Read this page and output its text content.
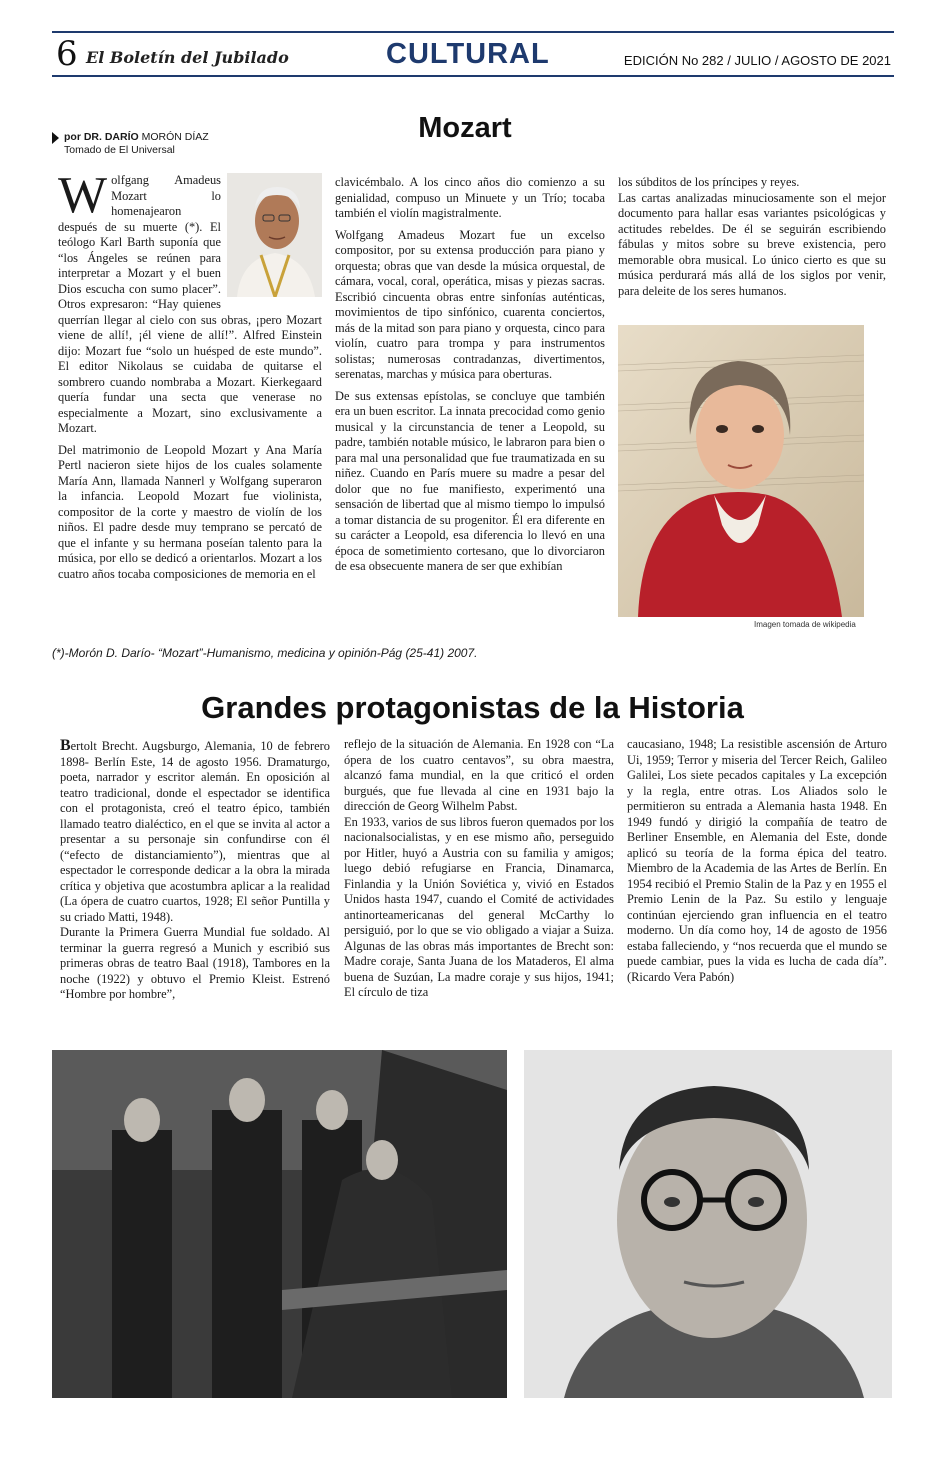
6 El Boletín del Jubilado	CULTURAL	EDICIÓN No 282 / JULIO / AGOSTO DE 2021
por DR. DARÍO MORÓN DÍAZ
Tomado de El Universal
Mozart
W olfgang Amadeus Mozart lo homenajearon después de su muerte (*). El teólogo Karl Barth suponía que “los Ángeles se reúnen para interpretar a Mozart y el buen Dios escucha con sumo placer”. Otros expresaron: “Hay quienes querrían llegar al cielo con sus obras, ¡pero Mozart viene de allí!, ¡él viene de allí!”. Alfred Einstein dijo: Mozart fue “solo un huésped de este mundo”. El editor Nikolaus se cuidaba de quitarse el sombrero cuando nombraba a Mozart. Kierkegaard quería fundar una secta que venerase no especialmente a Mozart, sino exclusivamente a Mozart.

Del matrimonio de Leopold Mozart y Ana María Pertl nacieron siete hijos de los cuales solamente María Ann, llamada Nannerl y Wolfgang superaron la infancia. Leopold Mozart fue violinista, compositor de la corte y maestro de violín de los niños. El padre desde muy temprano se percató de que el infante y su hermana poseían talento para la música, por ello se dedicó a orientarlos. Mozart a los cuatro años tocaba composiciones de memoria en el

clavicémbalo. A los cinco años dio comienzo a su genialidad, compuso un Minuete y un Trío; tocaba también el violín magistralmente.

Wolfgang Amadeus Mozart fue un excelso compositor, por su extensa producción para piano y orquesta; obras que van desde la música orquestal, de cámara, vocal, coral, operática, misas y piezas sacras. Escribió cincuenta obras entre sinfonías auténticas, movimientos de tipo sinfónico, cuarenta conciertos, más de la mitad son para piano y orquesta, cinco para violín, cuatro para trompa y para instrumentos solistas; numerosas contradanzas, divertimentos, serenatas, marchas y música para oberturas.

De sus extensas epístolas, se concluye que también era un buen escritor. La innata precocidad como genio musical y la circunstancia de tener a Leopold, su padre, también notable músico, le labraron para bien o para mal una personalidad que fue traumatizada en su niñez. Cuando en París muere su madre a pesar del dolor que no fue manifiesto, experimentó una sensación de libertad que al mismo tiempo lo impulsó a tomar distancia de su progenitor. Él era diferente en su carácter a Leopold, esa diferencia lo llevó en una época de sometimiento cortesano, que lo divorciaron de esa obsecuente manera de ser que exhibían

los súbditos de los príncipes y reyes.

Las cartas analizadas minuciosamente son el mejor documento para hallar esas variantes psicológicas y actitudes rebeldes. De él se seguirán escribiendo fábulas y mitos sobre su breve existencia, pero memorable obra musical. Lo único cierto es que su música perdurará más allá de los siglos por venir, para deleite de los seres humanos.

Imagen tomada de wikipedia
(*)-Morón D. Darío- “Mozart”-Humanismo, medicina y opinión-Pág (25-41) 2007.
Grandes protagonistas de la Historia

Bertolt Brecht. Augsburgo, Alemania, 10 de febrero 1898- Berlín Este, 14 de agosto 1956. Dramaturgo, poeta, narrador y escritor alemán. En oposición al teatro tradicional, donde el espectador se identifica con el protagonista, creó el teatro épico, también llamado teatro dialéctico, en el que se invita al actor a presentar a su personaje sin confundirse con él (“efecto de distanciamiento”), mientras que al espectador le corresponde dedicar a la obra la mirada crítica y objetiva que acostumbra aplicar a la realidad (La ópera de cuatro cuartos, 1928; El señor Puntilla y su criado Matti, 1948).

Durante la Primera Guerra Mundial fue soldado. Al terminar la guerra regresó a Munich y escribió sus primeras obras de teatro Baal (1918), Tambores en la noche (1922) y obtuvo el Premio Kleist. Estrenó “Hombre por hombre”,

reflejo de la situación de Alemania. En 1928 con “La ópera de los cuatro centavos”, su obra maestra, alcanzó fama mundial, en la que criticó el orden burgués, que fue llevada al cine en 1931 bajo la dirección de Georg Wilhelm Pabst.

En 1933, varios de sus libros fueron quemados por los nacionalsocialistas, y en ese mismo año, perseguido por Hitler, huyó a Austria con su familia y amigos; luego debió refugiarse en Francia, Dinamarca, Finlandia y la Unión Soviética y, vivió en Estados Unidos hasta 1947, cuando el Comité de actividades antinorteamericanas del general McCarthy lo persiguió, por lo que se vio obligado a viajar a Suiza. Algunas de las obras más importantes de Brecht son: Madre coraje, Santa Juana de los Mataderos, El alma buena de Suzúan, La madre coraje y sus hijos, 1941; El círculo de tiza

caucasiano, 1948; La resistible ascensión de Arturo Ui, 1959; Terror y miseria del Tercer Reich, Galileo Galilei, Los siete pecados capitales y La excepción y la regla, entre otras. Los Aliados solo le permitieron su entrada a Alemania hasta 1948. En 1949 fundó y dirigió la compañía de teatro de Berliner Ensemble, en Alemania del Este, donde aplicó su teoría de la forma épica del teatro. Miembro de la Academia de las Artes de Berlín. En 1954 recibió el Premio Stalin de la Paz y en 1955 el Premio Lenin de la Paz. Su estilo y lenguaje continúan ejerciendo gran influencia en el teatro moderno. Un día como hoy, 14 de agosto de 1956 estaba falleciendo, y “nos recuerda que el mundo se puede cambiar, pues la vida es lucha de cada día”. (Ricardo Vera Pabón)
